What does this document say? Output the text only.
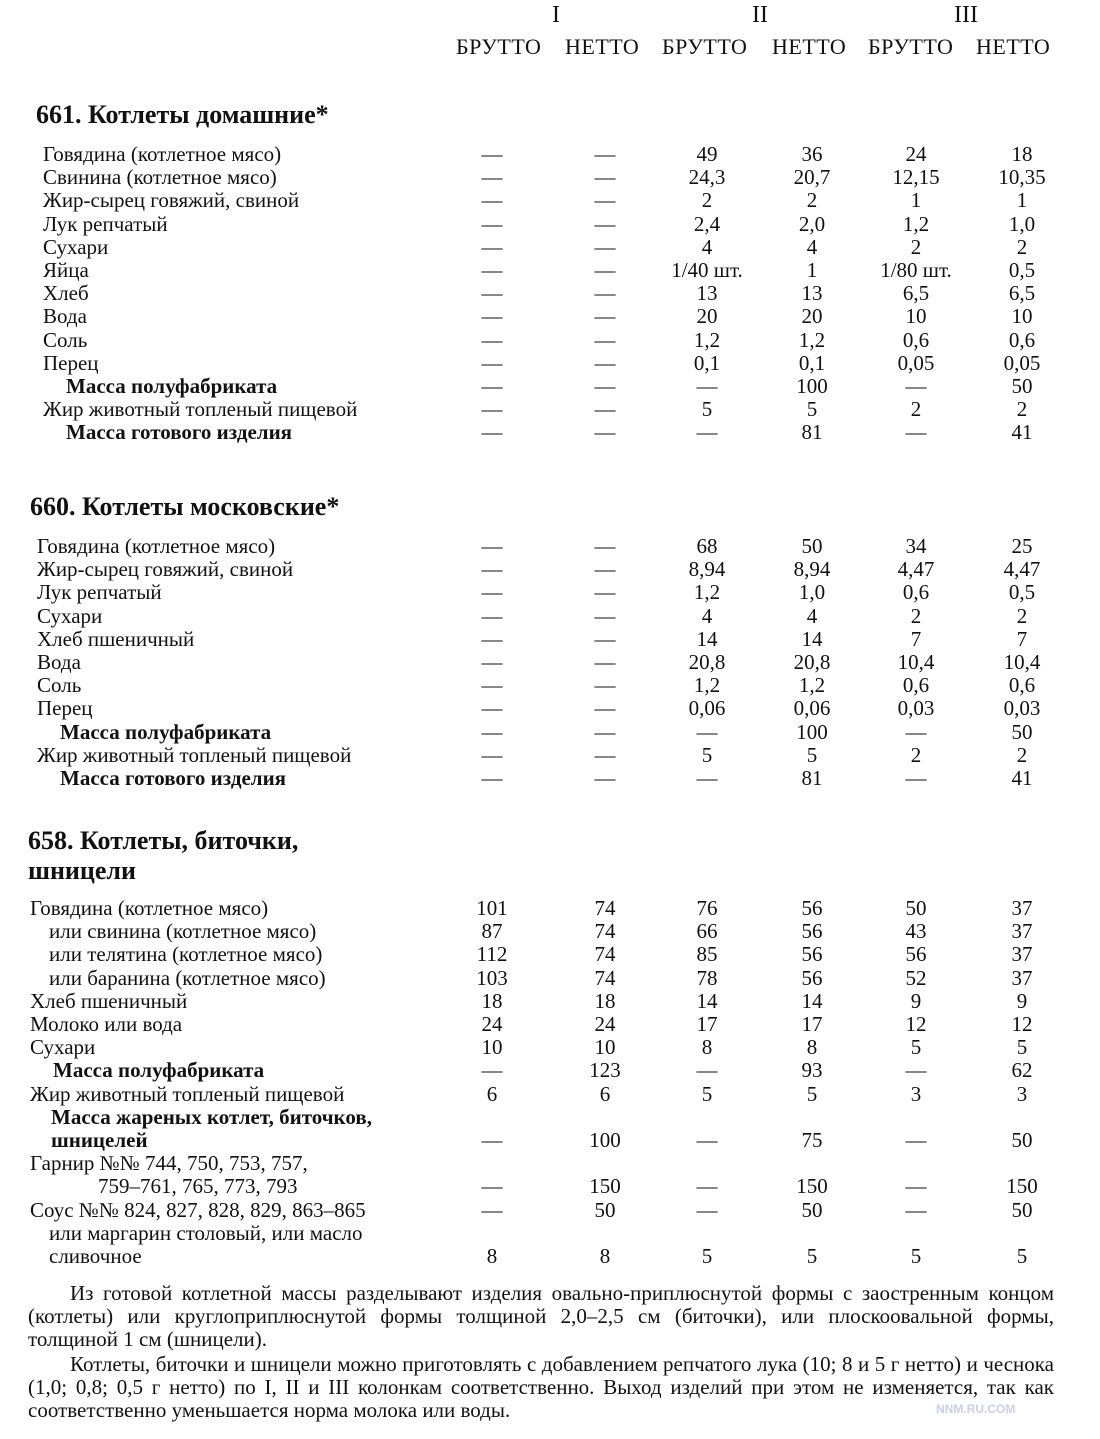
I	II	III
БРУТТО НЕТТО БРУТТО НЕТТО БРУТТО НЕТТО
Из готовой котлетной массы разделывают изделия овально-приплюснутой формы с заостренным концом (котлеты) или круглоприплюснутой формы толщиной 2,0–2,5 см (биточки), или плоскоовальной формы, толщиной 1 см (шницели).
Котлеты, биточки и шницели можно приготовлять с добавлением репчатого лука (10; 8 и 5 г нетто) и чеснока (1,0; 0,8; 0,5 г нетто) по I, II и III колонкам соответственно. Выход изделий при этом не изменяется, так как соответственно уменьшается норма молока или воды.	NNM.RU.COM
661. Котлеты домашние*
Говядина (котлетное мясо)	—	—	49	36	24	18
Свинина (котлетное мясо)	—	—	24,3	20,7	12,15	10,35
Жир-сырец говяжий, свиной	—	—	2	2	1	1
Лук репчатый	—	—	2,4	2,0	1,2	1,0
Сухари	—	—	4	4	2	2
Яйца	—	—	1/40 шт.	1	1/80 шт.	0,5
Хлеб	—	—	13	13	6,5	6,5
Вода	—	—	20	20	10	10
Соль	—	—	1,2	1,2	0,6	0,6
Перец	—	—	0,1	0,1	0,05	0,05
Масса полуфабриката	—	—	—	100	—	50
Жир животный топленый пищевой	—	—	5	5	2	2
Масса готового изделия	—	—	—	81	—	41
660. Котлеты московские*
Говядина (котлетное мясо)	—	—	68	50	34	25
Жир-сырец говяжий, свиной	—	—	8,94	8,94	4,47	4,47
Лук репчатый	—	—	1,2	1,0	0,6	0,5
Сухари	—	—	4	4	2	2
Хлеб пшеничный	—	—	14	14	7	7
Вода	—	—	20,8	20,8	10,4	10,4
Соль	—	—	1,2	1,2	0,6	0,6
Перец	—	—	0,06	0,06	0,03	0,03
Масса полуфабриката	—	—	—	100	—	50
Жир животный топленый пищевой	—	—	5	5	2	2
Масса готового изделия	—	—	—	81	—	41
658. Котлеты, биточки,
шницели
Говядина (котлетное мясо)	101	74	76	56	50	37
или свинина (котлетное мясо)	87	74	66	56	43	37
или телятина (котлетное мясо)	112	74	85	56	56	37
или баранина (котлетное мясо)	103	74	78	56	52	37
Хлеб пшеничный	18	18	14	14	9	9
Молоко или вода	24	24	17	17	12	12
Сухари	10	10	8	8	5	5
Масса полуфабриката	—	123	—	93	—	62
Жир животный топленый пищевой	6	6	5	5	3	3
Масса жареных котлет, биточков,
шницелей	—	100	—	75	—	50
Гарнир №№ 744, 750, 753, 757,
759–761, 765, 773, 793	—	150	—	150	—	150
Соус №№ 824, 827, 828, 829, 863–865	—	50	—	50	—	50
или маргарин столовый, или масло
сливочное	8	8	5	5	5	5
